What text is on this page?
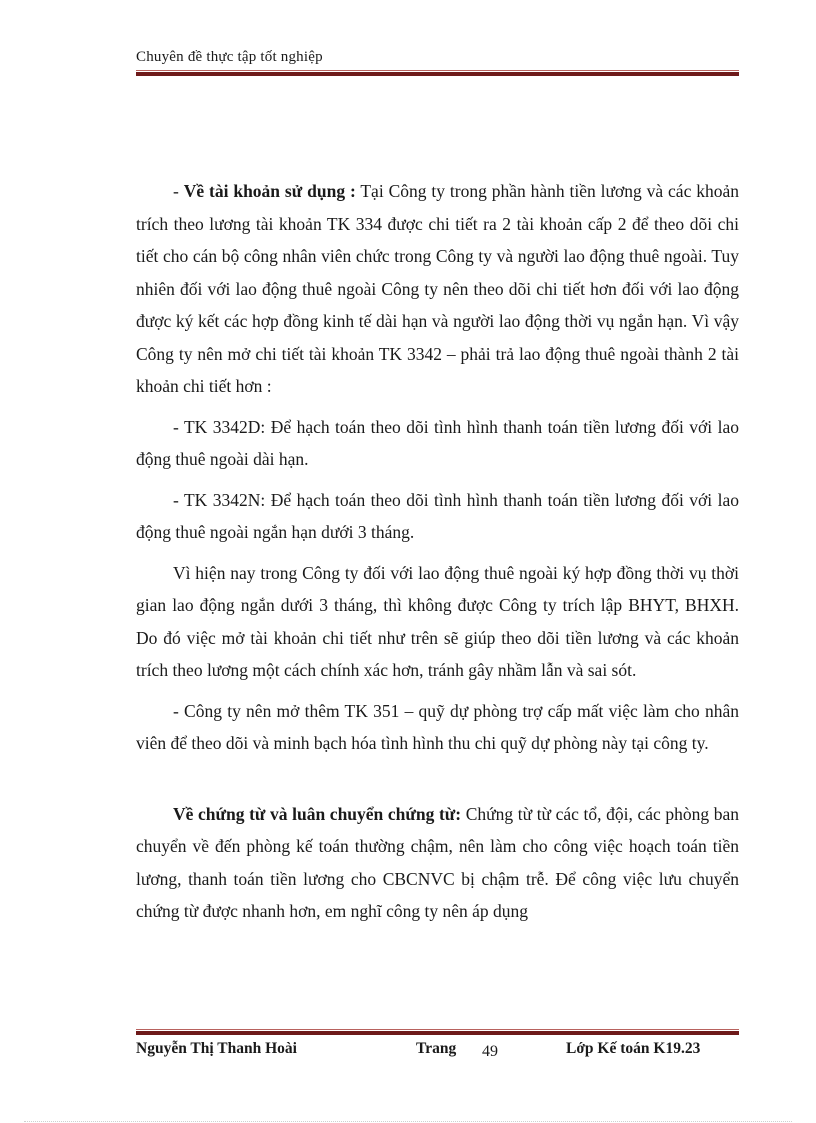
Chuyên đề thực tập tốt nghiệp

- Về tài khoản sử dụng : Tại Công ty trong phần hành tiền lương và các khoản trích theo lương tài khoản TK 334 được chi tiết ra 2 tài khoản cấp 2 để theo dõi chi tiết cho cán bộ công nhân viên chức trong Công ty và người lao động thuê ngoài. Tuy nhiên đối với lao động thuê ngoài Công ty nên theo dõi chi tiết hơn đối với lao động được ký kết các hợp đồng kinh tế dài hạn và người lao động thời vụ ngắn hạn. Vì vậy Công ty nên mở chi tiết tài khoản TK 3342 – phải trả lao động thuê ngoài thành 2 tài khoản chi tiết hơn :

- TK 3342D: Để hạch toán theo dõi tình hình thanh toán tiền lương đối với lao động thuê ngoài dài hạn.

- TK 3342N: Để hạch toán theo dõi tình hình thanh toán tiền lương đối với lao động thuê ngoài ngắn hạn dưới 3 tháng.

Vì hiện nay trong Công ty đối với lao động thuê ngoài ký hợp đồng thời vụ thời gian lao động ngắn dưới 3 tháng, thì không được Công ty trích lập BHYT, BHXH. Do đó việc mở tài khoản chi tiết như trên sẽ giúp theo dõi tiền lương và các khoản trích theo lương một cách chính xác hơn, tránh gây nhầm lẫn và sai sót.

- Công ty nên mở thêm TK 351 – quỹ dự phòng trợ cấp mất việc làm cho nhân viên để theo dõi và minh bạch hóa tình hình thu chi quỹ dự phòng này tại công ty.

Về chứng từ và luân chuyển chứng từ: Chứng từ từ các tổ, đội, các phòng ban chuyển về đến phòng kế toán thường chậm, nên làm cho công việc hoạch toán tiền lương, thanh toán tiền lương cho CBCNVC bị chậm trễ. Để công việc lưu chuyển chứng từ được nhanh hơn, em nghĩ công ty nên áp dụng

Nguyễn Thị Thanh Hoài	Trang 49	Lớp Kế toán K19.23
